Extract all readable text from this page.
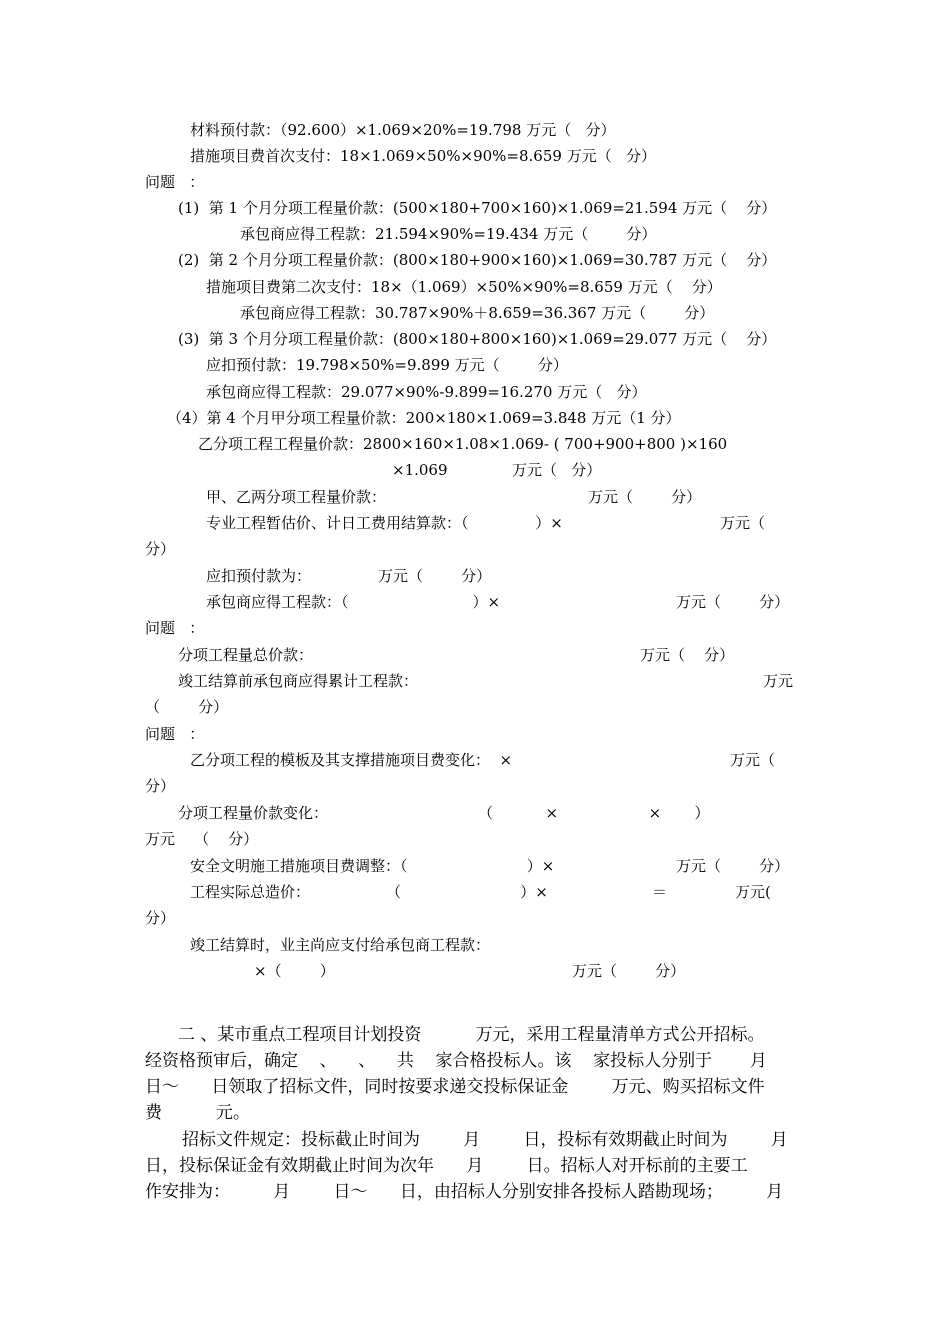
材料预付款：（92.600）×1.069×20%=19.798 万元（   分）
措施项目费首次支付：18×1.069×50%×90%=8.659 万元（   分）
问题   ：
(1)  第 1 个月分项工程量价款：(500×180+700×160)×1.069=21.594 万元（    分）
承包商应得工程款：21.594×90%=19.434 万元（        分）
(2)  第 2 个月分项工程量价款：(800×180+900×160)×1.069=30.787 万元（    分）
措施项目费第二次支付：18×（1.069）×50%×90%=8.659 万元（    分）
承包商应得工程款：30.787×90%＋8.659=36.367 万元（        分）
(3)  第 3 个月分项工程量价款：(800×180+800×160)×1.069=29.077 万元（    分）
应扣预付款：19.798×50%=9.899 万元（        分）
承包商应得工程款：29.077×90%-9.899=16.270 万元（   分）
（4）第 4 个月甲分项工程量价款：200×180×1.069=3.848 万元（1 分）
乙分项工程工程量价款：2800×160×1.08×1.069- ( 700+900+800 )×160
×1.069	万元（   分）
甲、乙两分项工程量价款：	万元（        分）
专业工程暂估价、计日工费用结算款：（              ）×	万元（
分）
应扣预付款为：	万元（        分）
承包商应得工程款：（                          ）×	万元（        分）
问题   ：
分项工程量总价款：	万元（    分）
竣工结算前承包商应得累计工程款：	万元
（        分）
问题   ：
乙分项工程的模板及其支撑措施项目费变化：  ×	万元（
分）
分项工程量价款变化：	（           ×                   ×       ）
万元    （    分）
安全文明施工措施项目费调整：（                         ）×	万元（        分）
工程实际总造价：	（                         ）×	＝	万元(
分）
竣工结算时，业主尚应支付给承包商工程款：
×（        ）	万元（        分）
二 、某市重点工程项目计划投资          万元，采用工程量清单方式公开招标。
经资格预审后，确定    、    、    共    家合格投标人。该    家投标人分别于       月
日～      日领取了招标文件，同时按要求递交投标保证金        万元、购买招标文件
费          元。
招标文件规定：投标截止时间为        月        日，投标有效期截止时间为        月
日，投标保证金有效期截止时间为次年      月        日。招标人对开标前的主要工
作安排为：        月        日～      日，由招标人分别安排各投标人踏勘现场；        月
